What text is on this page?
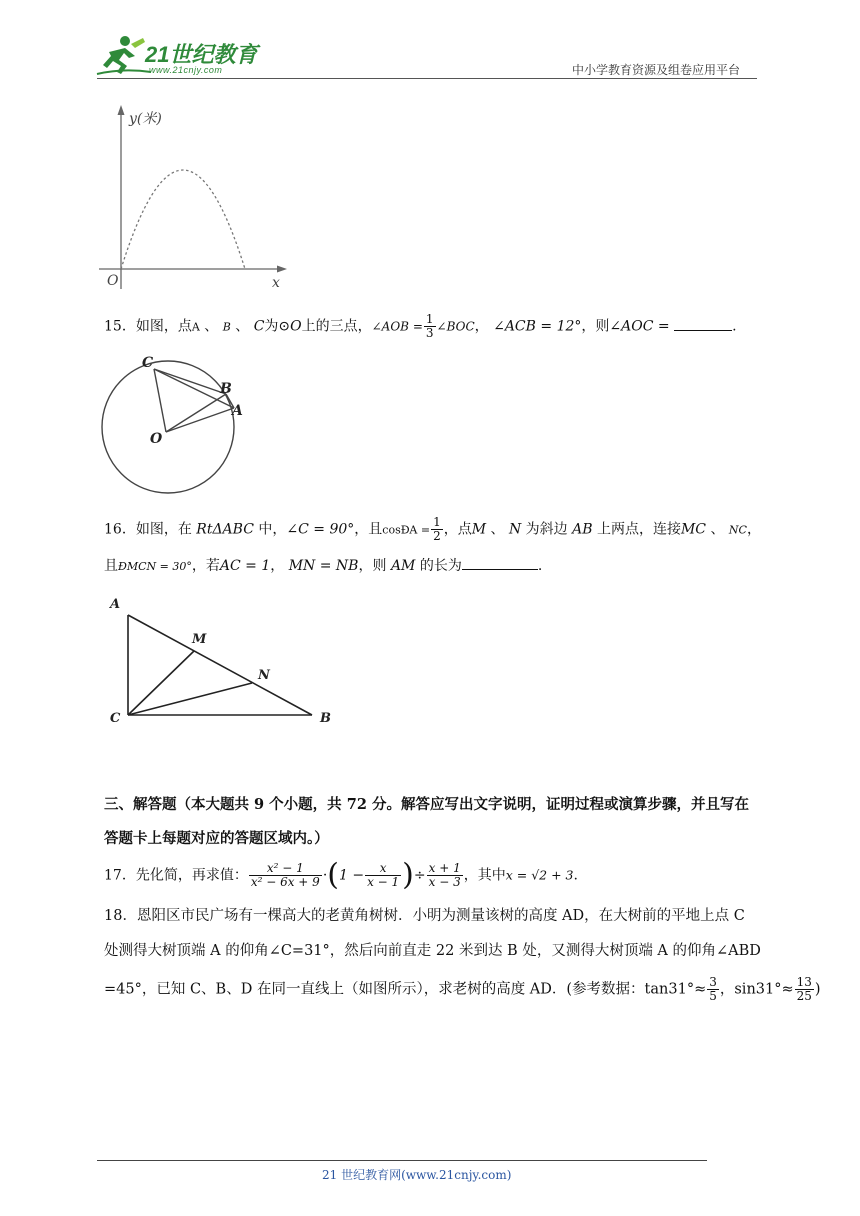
21世纪教育
www.21cnjy.com	中小学教育资源及组卷应用平台
y(米)
x
O
15．如图，点A 、 B 、 C为⊙O上的三点，∠AOB = $\frac{1}{3}$ ∠BOC， ∠ACB = 12°，则∠AOC =	.
C
B
A
O
16．如图，在 RtΔABC 中，∠C = 90°，且cosÐA = $\frac{1}{2}$ ，点M 、 N 为斜边 AB 上两点，连接MC 、 NC，
且ÐMCN = 30°，若AC = 1， MN = NB，则 AM 的长为	.
A
M
N
C	B
三、解答题（本大题共 9 个小题，共 72 分。解答应写出文字说明，证明过程或演算步骤，并且写在
答题卡上每题对应的答题区域内。）
17．先化简，再求值： $\frac{\text{x² − 1}}{\text{x² − 6x + 9}} \cdot(1 - \frac{x}{x - 1}$ )÷ $\frac{x + 1}{x - 3}$ ，其中x = √2 + 3.
18．恩阳区市民广场有一棵高大的老黄角树树．小明为测量该树的高度 AD，在大树前的平地上点 C
处测得大树顶端 A 的仰角∠C=31°，然后向前直走 22 米到达 B 处，又测得大树顶端 A 的仰角∠ABD
=45°，已知 C、B、D 在同一直线上（如图所示），求老树的高度 AD．(参考数据：$\tan 31^\circ\approx \frac{3}{5}$ ，$\sin 31^\circ\approx \frac{13}{25}$ )
21 世纪教育网(www.21cnjy.com)
